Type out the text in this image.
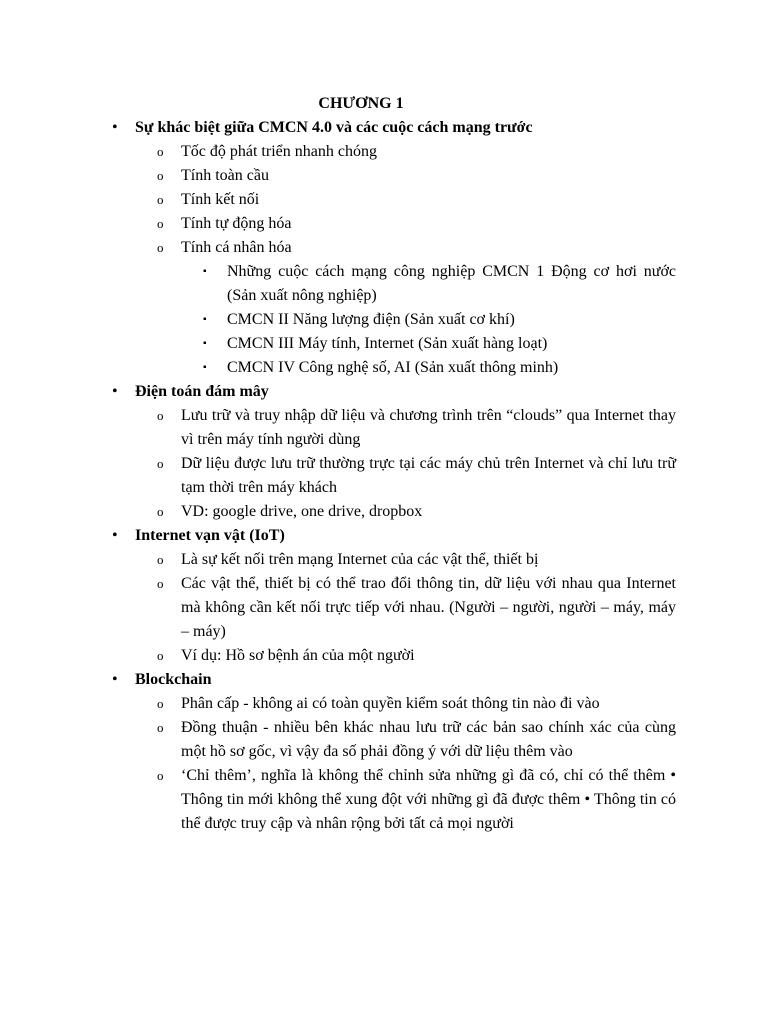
CHƯƠNG 1
• Sự khác biệt giữa CMCN 4.0 và các cuộc cách mạng trước
o Tốc độ phát triển nhanh chóng
o Tính toàn cầu
o Tính kết nối
o Tính tự động hóa
o Tính cá nhân hóa
▪ Những cuộc cách mạng công nghiệp CMCN 1 Động cơ hơi nước (Sản xuất nông nghiệp)
▪ CMCN II Năng lượng điện (Sản xuất cơ khí)
▪ CMCN III Máy tính, Internet (Sản xuất hàng loạt)
▪ CMCN IV Công nghệ số, AI (Sản xuất thông minh)
• Điện toán đám mây
o Lưu trữ và truy nhập dữ liệu và chương trình trên “clouds” qua Internet thay vì trên máy tính người dùng
o Dữ liệu được lưu trữ thường trực tại các máy chủ trên Internet và chỉ lưu trữ tạm thời trên máy khách
o VD: google drive, one drive, dropbox
• Internet vạn vật (IoT)
o Là sự kết nối trên mạng Internet của các vật thể, thiết bị
o Các vật thể, thiết bị có thể trao đổi thông tin, dữ liệu với nhau qua Internet mà không cần kết nối trực tiếp với nhau. (Người – người, người – máy, máy – máy)
o Ví dụ: Hồ sơ bệnh án của một người
• Blockchain
o Phân cấp - không ai có toàn quyền kiểm soát thông tin nào đi vào
o Đồng thuận - nhiều bên khác nhau lưu trữ các bản sao chính xác của cùng một hồ sơ gốc, vì vậy đa số phải đồng ý với dữ liệu thêm vào
o ‘Chỉ thêm’, nghĩa là không thể chỉnh sửa những gì đã có, chỉ có thể thêm • Thông tin mới không thể xung đột với những gì đã được thêm • Thông tin có thể được truy cập và nhân rộng bởi tất cả mọi người
